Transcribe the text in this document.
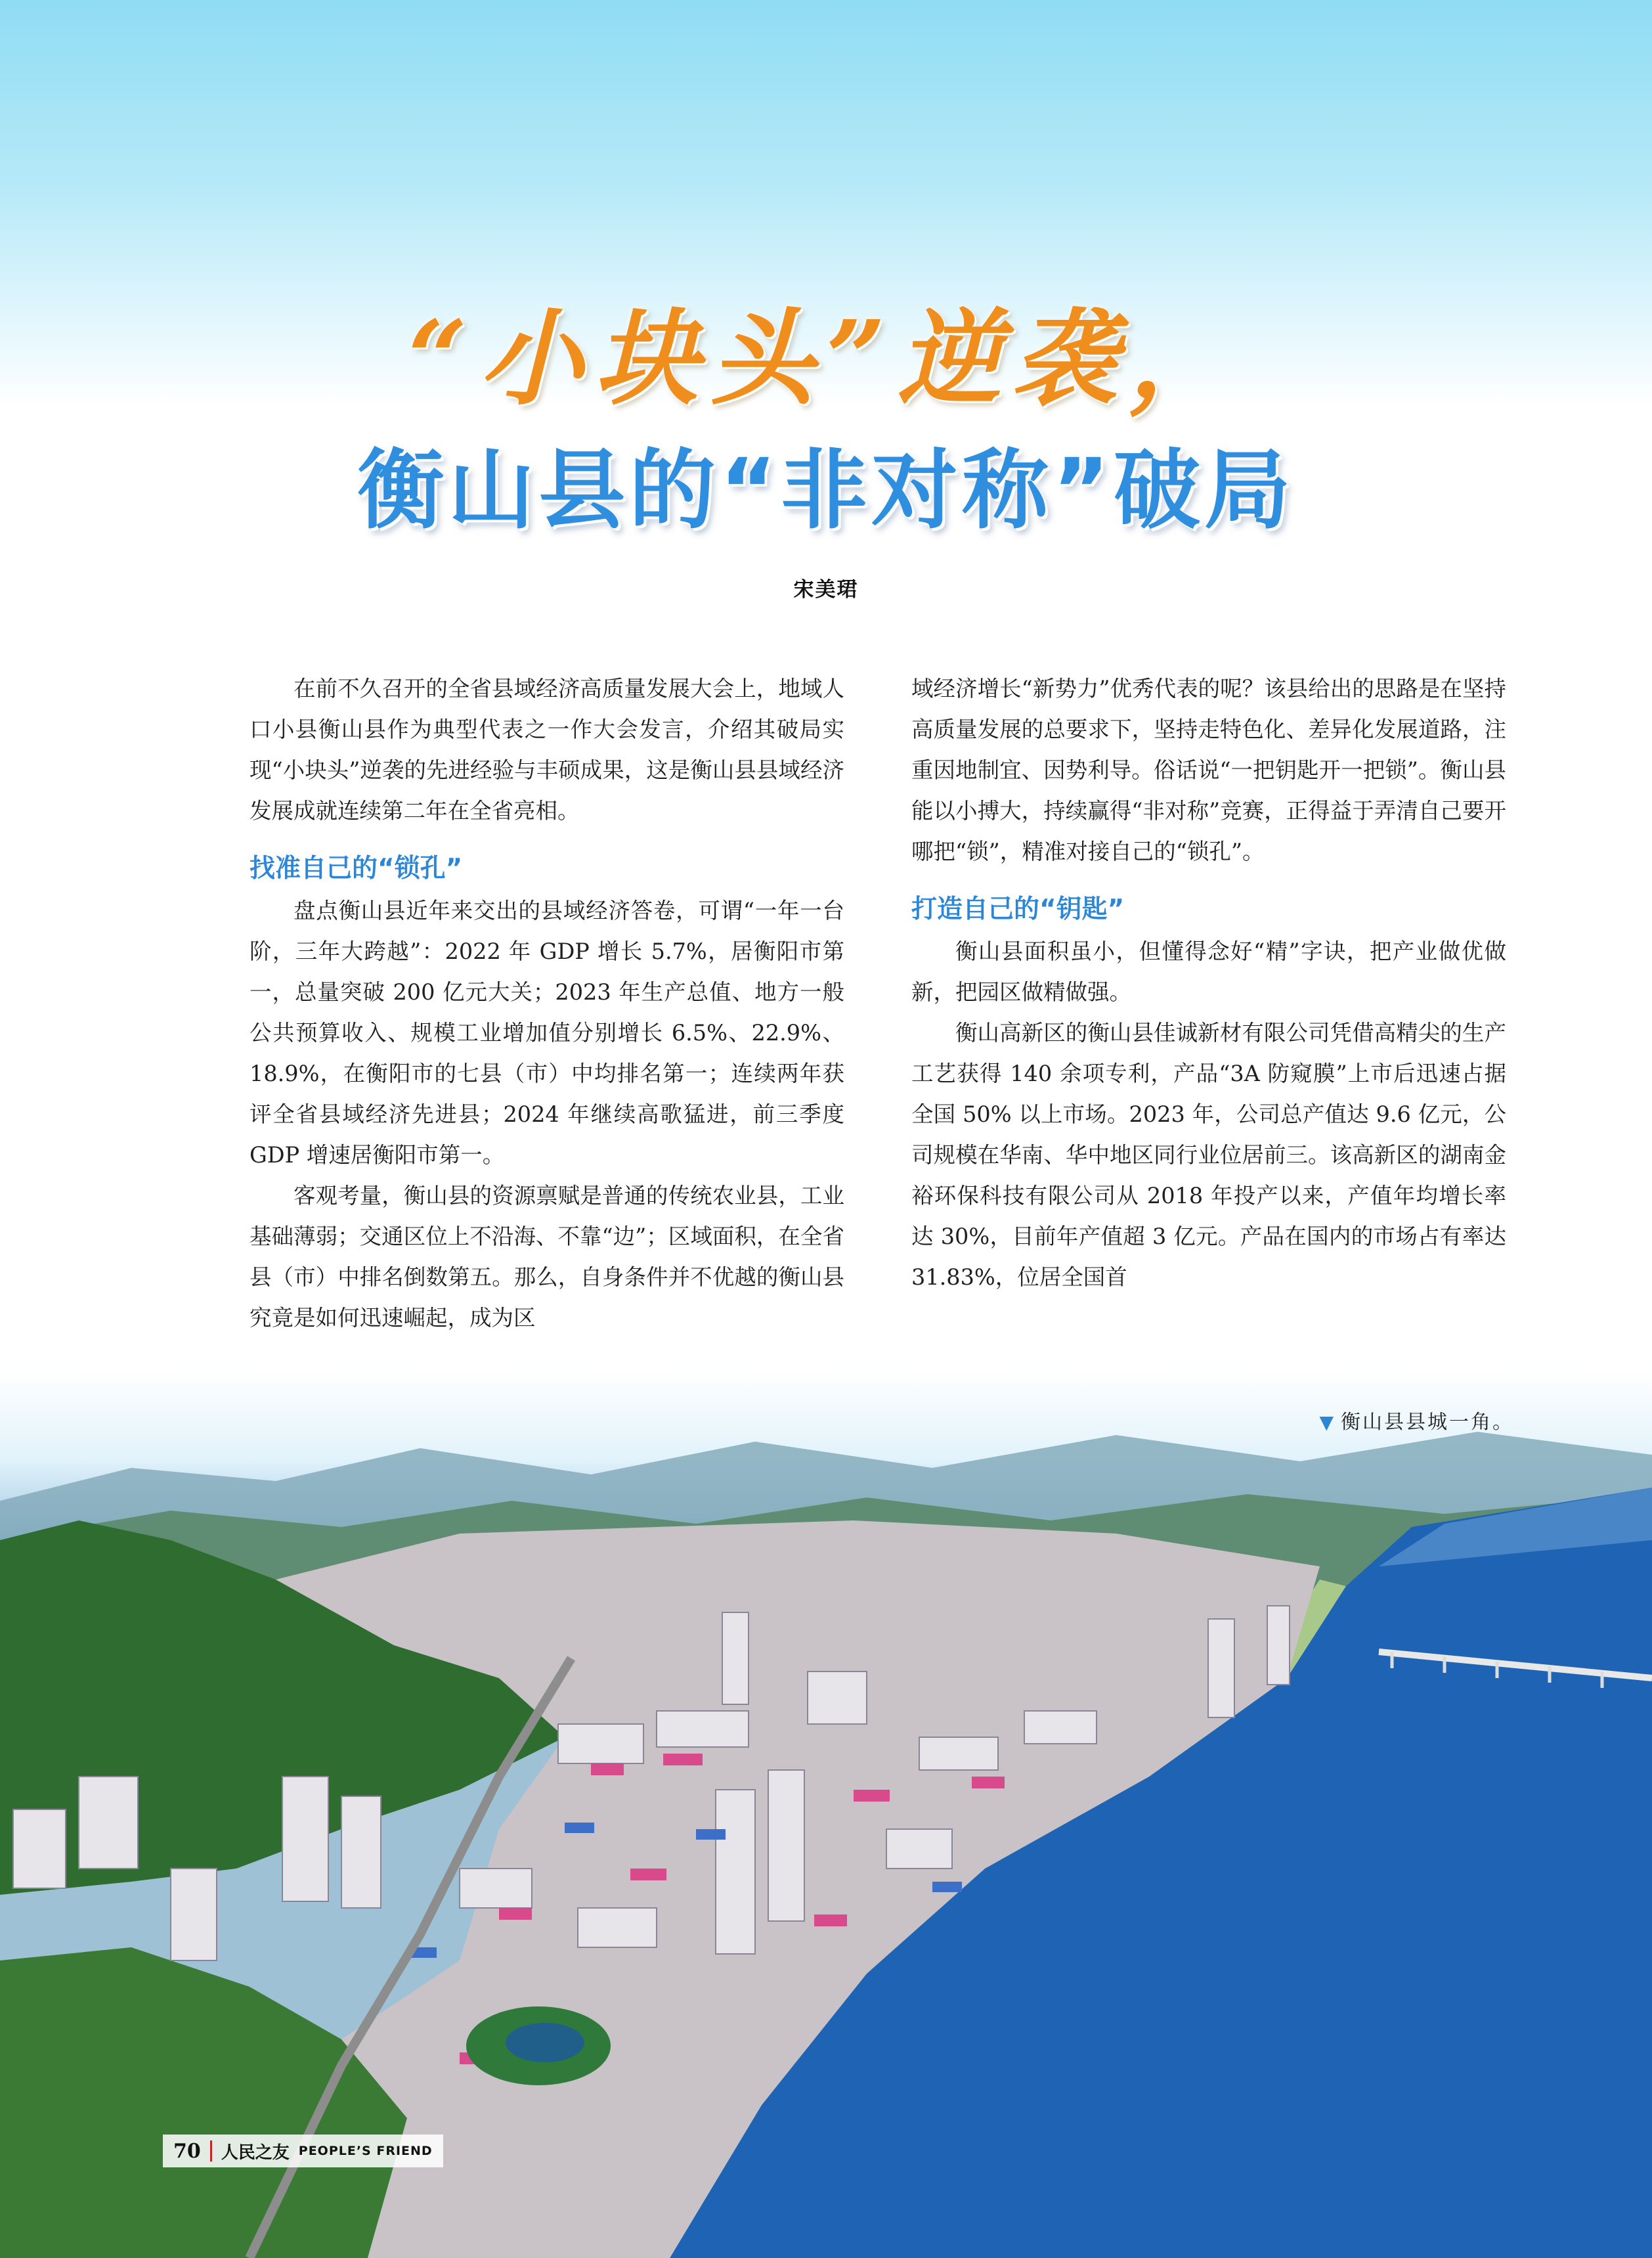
“小块头”逆袭，
衡山县的“非对称”破局
宋美珺

在前不久召开的全省县域经济高质量发展大会上，地域人口小县衡山县作为典型代表之一作大会发言，介绍其破局实现“小块头”逆袭的先进经验与丰硕成果，这是衡山县县域经济发展成就连续第二年在全省亮相。

找准自己的“锁孔”

盘点衡山县近年来交出的县域经济答卷，可谓“一年一台阶，三年大跨越”：2022 年 GDP 增长 5.7%，居衡阳市第一，总量突破 200 亿元大关；2023 年生产总值、地方一般公共预算收入、规模工业增加值分别增长 6.5%、22.9%、18.9%，在衡阳市的七县（市）中均排名第一；连续两年获评全省县域经济先进县；2024 年继续高歌猛进，前三季度 GDP 增速居衡阳市第一。

客观考量，衡山县的资源禀赋是普通的传统农业县，工业基础薄弱；交通区位上不沿海、不靠“边”；区域面积，在全省县（市）中排名倒数第五。那么，自身条件并不优越的衡山县究竟是如何迅速崛起，成为区

域经济增长“新势力”优秀代表的呢？该县给出的思路是在坚持高质量发展的总要求下，坚持走特色化、差异化发展道路，注重因地制宜、因势利导。俗话说“一把钥匙开一把锁”。衡山县能以小搏大，持续赢得“非对称”竞赛，正得益于弄清自己要开哪把“锁”，精准对接自己的“锁孔”。

打造自己的“钥匙”

衡山县面积虽小，但懂得念好“精”字诀，把产业做优做新，把园区做精做强。

衡山高新区的衡山县佳诚新材有限公司凭借高精尖的生产工艺获得 140 余项专利，产品“3A 防窥膜”上市后迅速占据全国 50% 以上市场。2023 年，公司总产值达 9.6 亿元，公司规模在华南、华中地区同行业位居前三。该高新区的湖南金裕环保科技有限公司从 2018 年投产以来，产值年均增长率达 30%，目前年产值超 3 亿元。产品在国内的市场占有率达 31.83%，位居全国首

▼ 衡山县县城一角。
70 人民之友 PEOPLE’S FRIEND
